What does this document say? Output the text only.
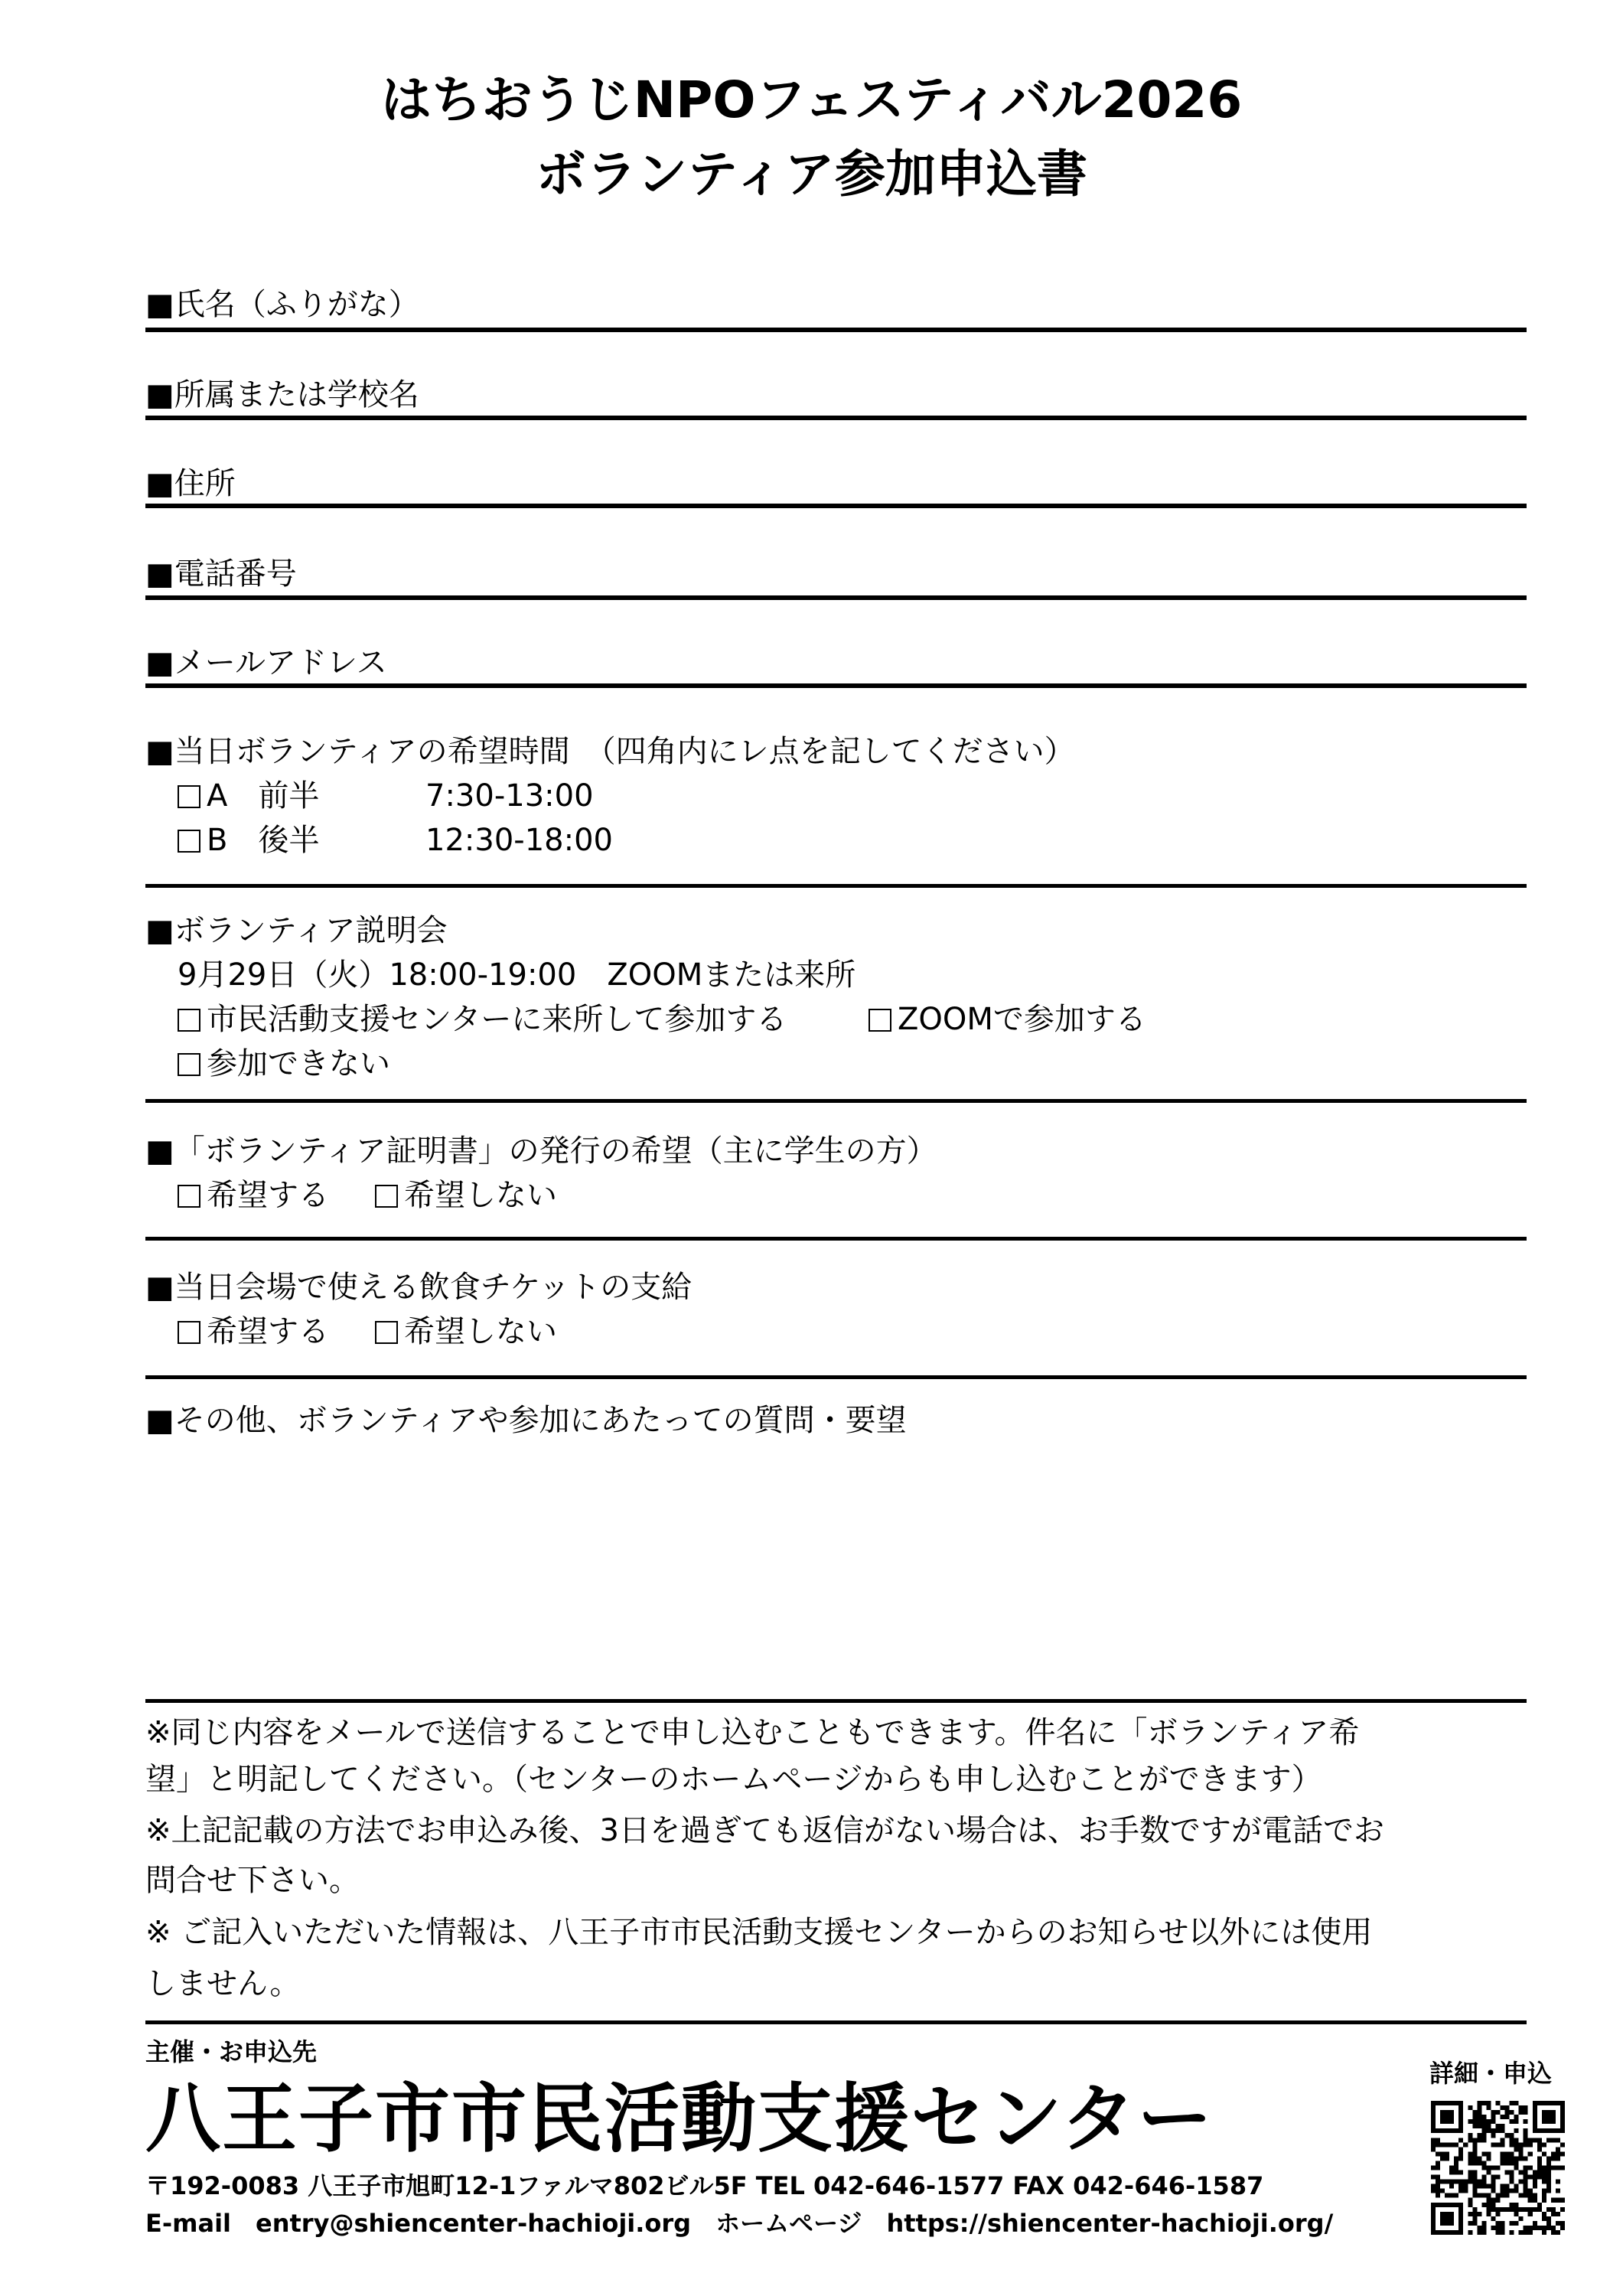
はちおうじNPOフェスティバル2026
ボランティア参加申込書
■氏名（ふりがな）
■所属または学校名
■住所
■電話番号
■メールアドレス
■当日ボランティアの希望時間　（四角内にレ点を記してください）
A　前半	7:30-13:00
B　後半	12:30-18:00
■ボランティア説明会
9月29日（火）18:00-19:00　ZOOMまたは来所
市民活動支援センターに来所して参加する	ZOOMで参加する
参加できない
■「ボランティア証明書」の発行の希望（主に学生の方）
希望する	希望しない
■当日会場で使える飲食チケットの支給
希望する	希望しない
■その他、ボランティアや参加にあたっての質問・要望
※同じ内容をメールで送信することで申し込むこともできます。件名に「ボランティア希
望」と明記してください。（センターのホームページからも申し込むことができます）
※上記記載の方法でお申込み後、3日を過ぎても返信がない場合は、お手数ですが電話でお
問合せ下さい。
※ ご記入いただいた情報は、八王子市市民活動支援センターからのお知らせ以外には使用
しません。
主催・お申込先
八王子市市民活動支援センター
〒192-0083 八王子市旭町12-1ファルマ802ビル5F TEL 042-646-1577 FAX 042-646-1587
E-mail　entry@shiencenter-hachioji.org　ホームページ　https://shiencenter-hachioji.org/
詳細・申込
